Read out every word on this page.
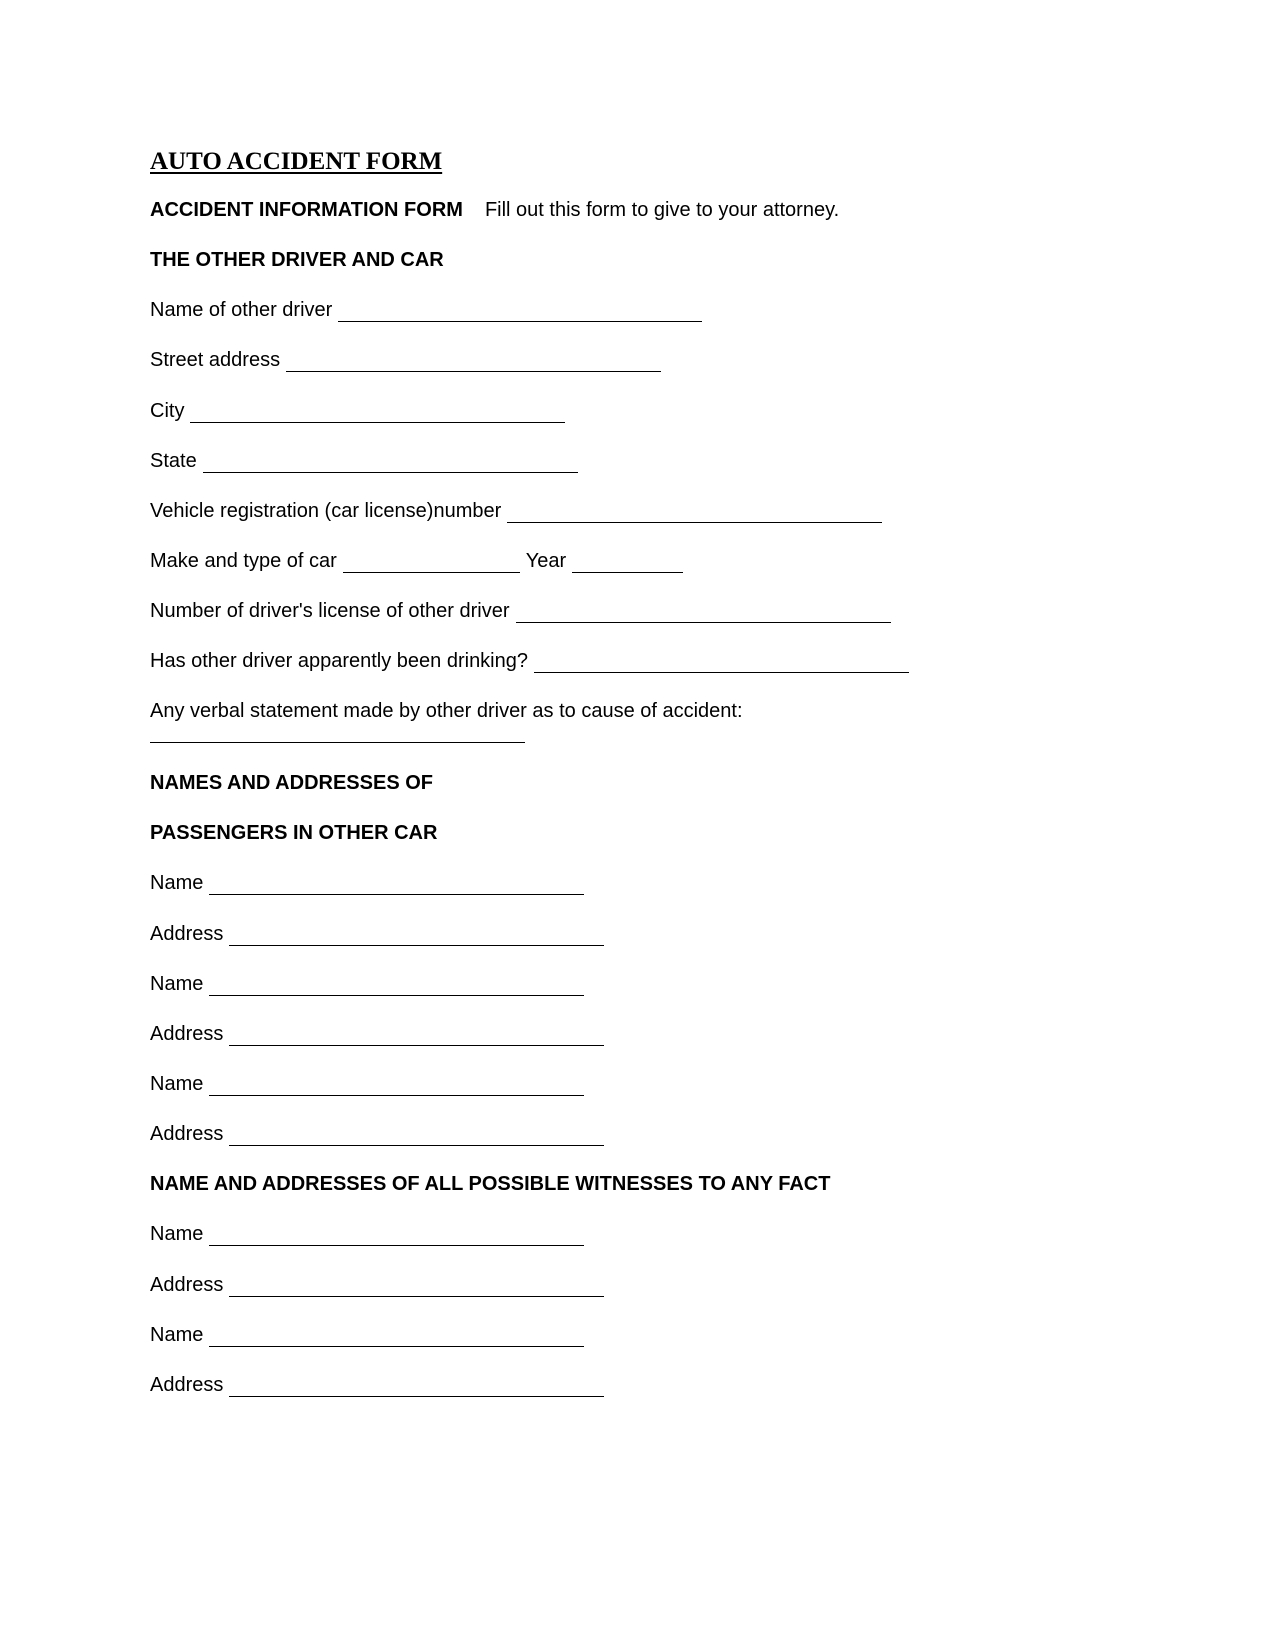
AUTO ACCIDENT FORM
ACCIDENT INFORMATION FORM Fill out this form to give to your attorney.
THE OTHER DRIVER AND CAR
Name of other driver
Street address
City
State
Vehicle registration (car license)number
Make and type of car	Year
Number of driver's license of other driver
Has other driver apparently been drinking?
Any verbal statement made by other driver as to cause of accident:
NAMES AND ADDRESSES OF
PASSENGERS IN OTHER CAR
Name
Address
Name
Address
Name
Address
NAME AND ADDRESSES OF ALL POSSIBLE WITNESSES TO ANY FACT
Name
Address
Name
Address
